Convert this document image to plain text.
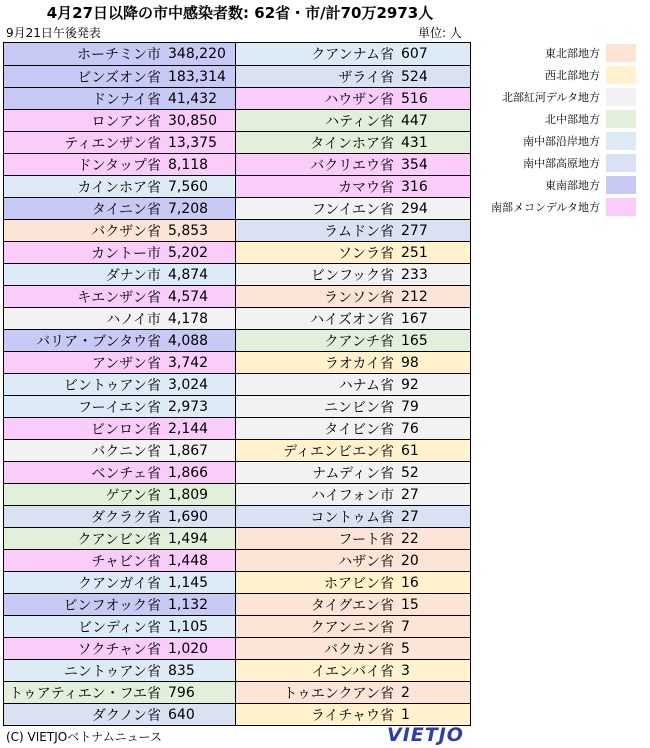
4月27日以降の市中感染者数: 62省・市/計70万2973人
9月21日午後発表	単位: 人
ホーチミン市 348,220
ビンズオン省 183,314
ドンナイ省 41,432
ロンアン省 30,850
ティエンザン省 13,375
ドンタップ省 8,118
カインホア省 7,560
タイニン省 7,208
バクザン省 5,853
カントー市 5,202
ダナン市 4,874
キエンザン省 4,574
ハノイ市 4,178
バリア・ブンタウ省 4,088
アンザン省 3,742
ビントゥアン省 3,024
フーイエン省 2,973
ビンロン省 2,144
バクニン省 1,867
ベンチェ省 1,866
ゲアン省 1,809
ダクラク省 1,690
クアンビン省 1,494
チャビン省 1,448
クアンガイ省 1,145
ビンフオック省 1,132
ビンディン省 1,105
ソクチャン省 1,020
ニントゥアン省 835
トゥアティエン・フエ省 796
ダクノン省 640
クアンナム省 607
ザライ省 524
ハウザン省 516
ハティン省 447
タインホア省 431
バクリエウ省 354
カマウ省 316
フンイエン省 294
ラムドン省 277
ソンラ省 251
ビンフック省 233
ランソン省 212
ハイズオン省 167
クアンチ省 165
ラオカイ省 98
ハナム省 92
ニンビン省 79
タイビン省 76
ディエンビエン省 61
ナムディン省 52
ハイフォン市 27
コントゥム省 27
フート省 22
ハザン省 20
ホアビン省 16
タイグエン省 15
クアンニン省 7
バクカン省 5
イエンバイ省 3
トゥエンクアン省 2
ライチャウ省 1
東北部地方
西北部地方
北部紅河デルタ地方
北中部地方
南中部沿岸地方
南中部高原地方
東南部地方
南部メコンデルタ地方
(C) VIETJOベトナムニュース	VIETJO
